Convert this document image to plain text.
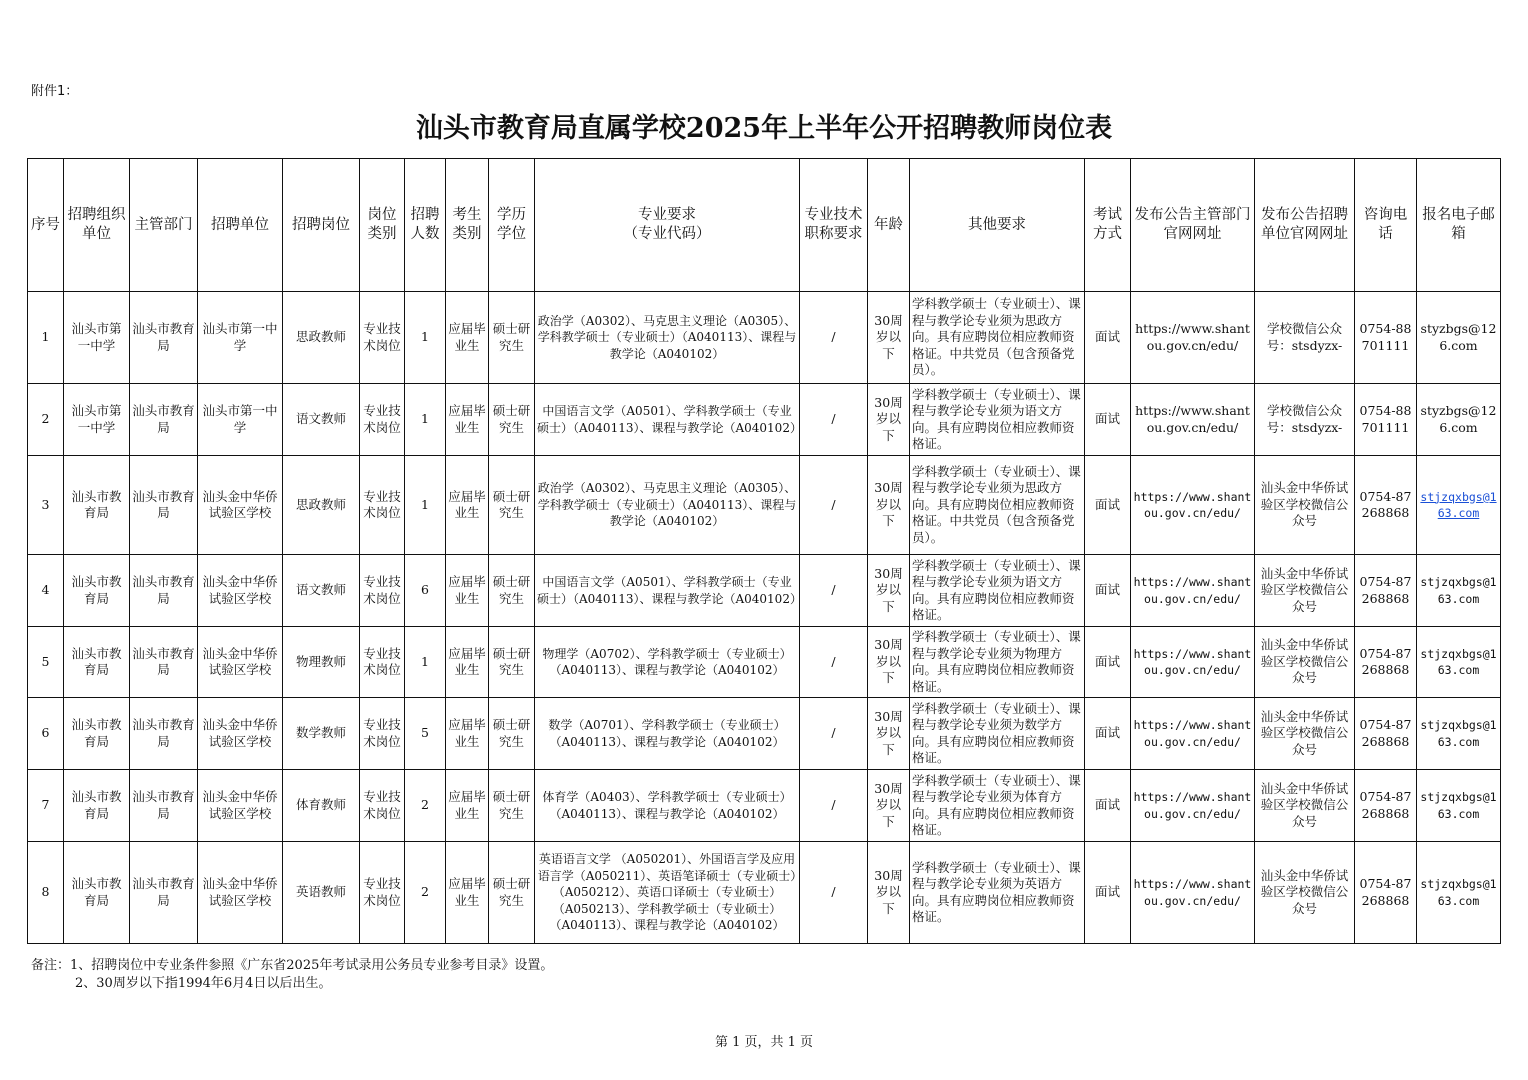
附件1：
汕头市教育局直属学校2025年上半年公开招聘教师岗位表
序号	招聘组织单位	主管部门	招聘单位	招聘岗位	岗位类别	招聘人数	考生类别	学历学位	专业要求
（专业代码）	专业技术职称要求	年龄	其他要求	考试方式	发布公告主管部门官网网址	发布公告招聘单位官网网址	咨询电话	报名电子邮箱
1	汕头市第一中学	汕头市教育局	汕头市第一中学	思政教师	专业技术岗位	1	应届毕业生	硕士研究生	政治学（A0302）、马克思主义理论（A0305）、学科教学硕士（专业硕士）（A040113）、课程与教学论（A040102）	/	30周岁以下	学科教学硕士（专业硕士）、课程与教学论专业须为思政方向。具有应聘岗位相应教师资格证。中共党员（包含预备党员）。	面试	https://www.shantou.gov.cn/edu/	学校微信公众号：stsdyzx-	0754-88701111	styzbgs@126.com
2	汕头市第一中学	汕头市教育局	汕头市第一中学	语文教师	专业技术岗位	1	应届毕业生	硕士研究生	中国语言文学（A0501）、学科教学硕士（专业硕士）（A040113）、课程与教学论（A040102）	/	30周岁以下	学科教学硕士（专业硕士）、课程与教学论专业须为语文方向。具有应聘岗位相应教师资格证。	面试	https://www.shantou.gov.cn/edu/	学校微信公众号：stsdyzx-	0754-88701111	styzbgs@126.com
3	汕头市教育局	汕头市教育局	汕头金中华侨试验区学校	思政教师	专业技术岗位	1	应届毕业生	硕士研究生	政治学（A0302）、马克思主义理论（A0305）、学科教学硕士（专业硕士）（A040113）、课程与教学论（A040102）	/	30周岁以下	学科教学硕士（专业硕士）、课程与教学论专业须为思政方向。具有应聘岗位相应教师资格证。中共党员（包含预备党员）。	面试	https://www.shantou.gov.cn/edu/	汕头金中华侨试验区学校微信公众号	0754-87268868	stjzqxbgs@163.com
4	汕头市教育局	汕头市教育局	汕头金中华侨试验区学校	语文教师	专业技术岗位	6	应届毕业生	硕士研究生	中国语言文学（A0501）、学科教学硕士（专业硕士）（A040113）、课程与教学论（A040102）	/	30周岁以下	学科教学硕士（专业硕士）、课程与教学论专业须为语文方向。具有应聘岗位相应教师资格证。	面试	https://www.shantou.gov.cn/edu/	汕头金中华侨试验区学校微信公众号	0754-87268868	stjzqxbgs@163.com
5	汕头市教育局	汕头市教育局	汕头金中华侨试验区学校	物理教师	专业技术岗位	1	应届毕业生	硕士研究生	物理学（A0702）、学科教学硕士（专业硕士）（A040113）、课程与教学论（A040102）	/	30周岁以下	学科教学硕士（专业硕士）、课程与教学论专业须为物理方向。具有应聘岗位相应教师资格证。	面试	https://www.shantou.gov.cn/edu/	汕头金中华侨试验区学校微信公众号	0754-87268868	stjzqxbgs@163.com
6	汕头市教育局	汕头市教育局	汕头金中华侨试验区学校	数学教师	专业技术岗位	5	应届毕业生	硕士研究生	数学（A0701）、学科教学硕士（专业硕士）（A040113）、课程与教学论（A040102）	/	30周岁以下	学科教学硕士（专业硕士）、课程与教学论专业须为数学方向。具有应聘岗位相应教师资格证。	面试	https://www.shantou.gov.cn/edu/	汕头金中华侨试验区学校微信公众号	0754-87268868	stjzqxbgs@163.com
7	汕头市教育局	汕头市教育局	汕头金中华侨试验区学校	体育教师	专业技术岗位	2	应届毕业生	硕士研究生	体育学（A0403）、学科教学硕士（专业硕士）（A040113）、课程与教学论（A040102）	/	30周岁以下	学科教学硕士（专业硕士）、课程与教学论专业须为体育方向。具有应聘岗位相应教师资格证。	面试	https://www.shantou.gov.cn/edu/	汕头金中华侨试验区学校微信公众号	0754-87268868	stjzqxbgs@163.com
8	汕头市教育局	汕头市教育局	汕头金中华侨试验区学校	英语教师	专业技术岗位	2	应届毕业生	硕士研究生	英语语言文学 （A050201）、外国语言学及应用语言学（A050211）、英语笔译硕士（专业硕士）（A050212）、英语口译硕士（专业硕士）（A050213）、学科教学硕士（专业硕士）（A040113）、课程与教学论（A040102）	/	30周岁以下	学科教学硕士（专业硕士）、课程与教学论专业须为英语方向。具有应聘岗位相应教师资格证。	面试	https://www.shantou.gov.cn/edu/	汕头金中华侨试验区学校微信公众号	0754-87268868	stjzqxbgs@163.com
备注：1、招聘岗位中专业条件参照《广东省2025年考试录用公务员专业参考目录》设置。
2、30周岁以下指1994年6月4日以后出生。
第 1 页，共 1 页
